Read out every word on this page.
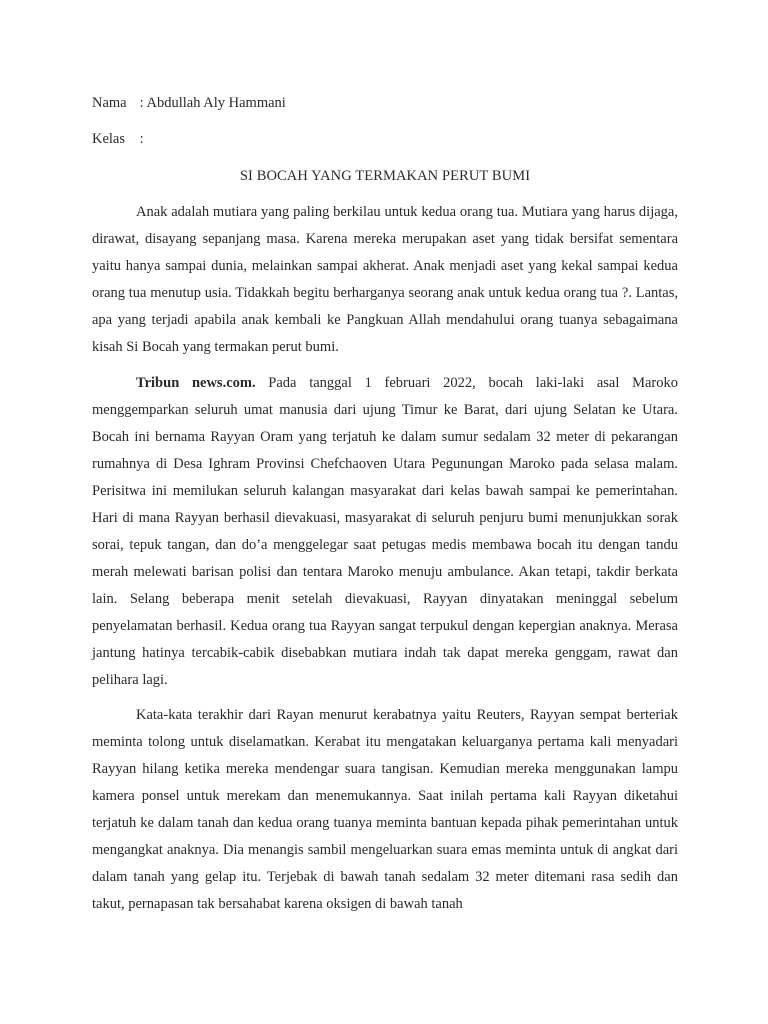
Nama : Abdullah Aly Hammani
Kelas :
SI BOCAH YANG TERMAKAN PERUT BUMI

Anak adalah mutiara yang paling berkilau untuk kedua orang tua. Mutiara yang harus dijaga, dirawat, disayang sepanjang masa. Karena mereka merupakan aset yang tidak bersifat sementara yaitu hanya sampai dunia, melainkan sampai akherat. Anak menjadi aset yang kekal sampai kedua orang tua menutup usia. Tidakkah begitu berharganya seorang anak untuk kedua orang tua ?. Lantas, apa yang terjadi apabila anak kembali ke Pangkuan Allah mendahului orang tuanya sebagaimana kisah Si Bocah yang termakan perut bumi.

Tribun news.com. Pada tanggal 1 februari 2022, bocah laki-laki asal Maroko menggemparkan seluruh umat manusia dari ujung Timur ke Barat, dari ujung Selatan ke Utara. Bocah ini bernama Rayyan Oram yang terjatuh ke dalam sumur sedalam 32 meter di pekarangan rumahnya di Desa Ighram Provinsi Chefchaoven Utara Pegunungan Maroko pada selasa malam. Perisitwa ini memilukan seluruh kalangan masyarakat dari kelas bawah sampai ke pemerintahan. Hari di mana Rayyan berhasil dievakuasi, masyarakat di seluruh penjuru bumi menunjukkan sorak sorai, tepuk tangan, dan do’a menggelegar saat petugas medis membawa bocah itu dengan tandu merah melewati barisan polisi dan tentara Maroko menuju ambulance. Akan tetapi, takdir berkata lain. Selang beberapa menit setelah dievakuasi, Rayyan dinyatakan meninggal sebelum penyelamatan berhasil. Kedua orang tua Rayyan sangat terpukul dengan kepergian anaknya. Merasa jantung hatinya tercabik-cabik disebabkan mutiara indah tak dapat mereka genggam, rawat dan pelihara lagi.

Kata-kata terakhir dari Rayan menurut kerabatnya yaitu Reuters, Rayyan sempat berteriak meminta tolong untuk diselamatkan. Kerabat itu mengatakan keluarganya pertama kali menyadari Rayyan hilang ketika mereka mendengar suara tangisan. Kemudian mereka menggunakan lampu kamera ponsel untuk merekam dan menemukannya. Saat inilah pertama kali Rayyan diketahui terjatuh ke dalam tanah dan kedua orang tuanya meminta bantuan kepada pihak pemerintahan untuk mengangkat anaknya. Dia menangis sambil mengeluarkan suara emas meminta untuk di angkat dari dalam tanah yang gelap itu. Terjebak di bawah tanah sedalam 32 meter ditemani rasa sedih dan takut, pernapasan tak bersahabat karena oksigen di bawah tanah
